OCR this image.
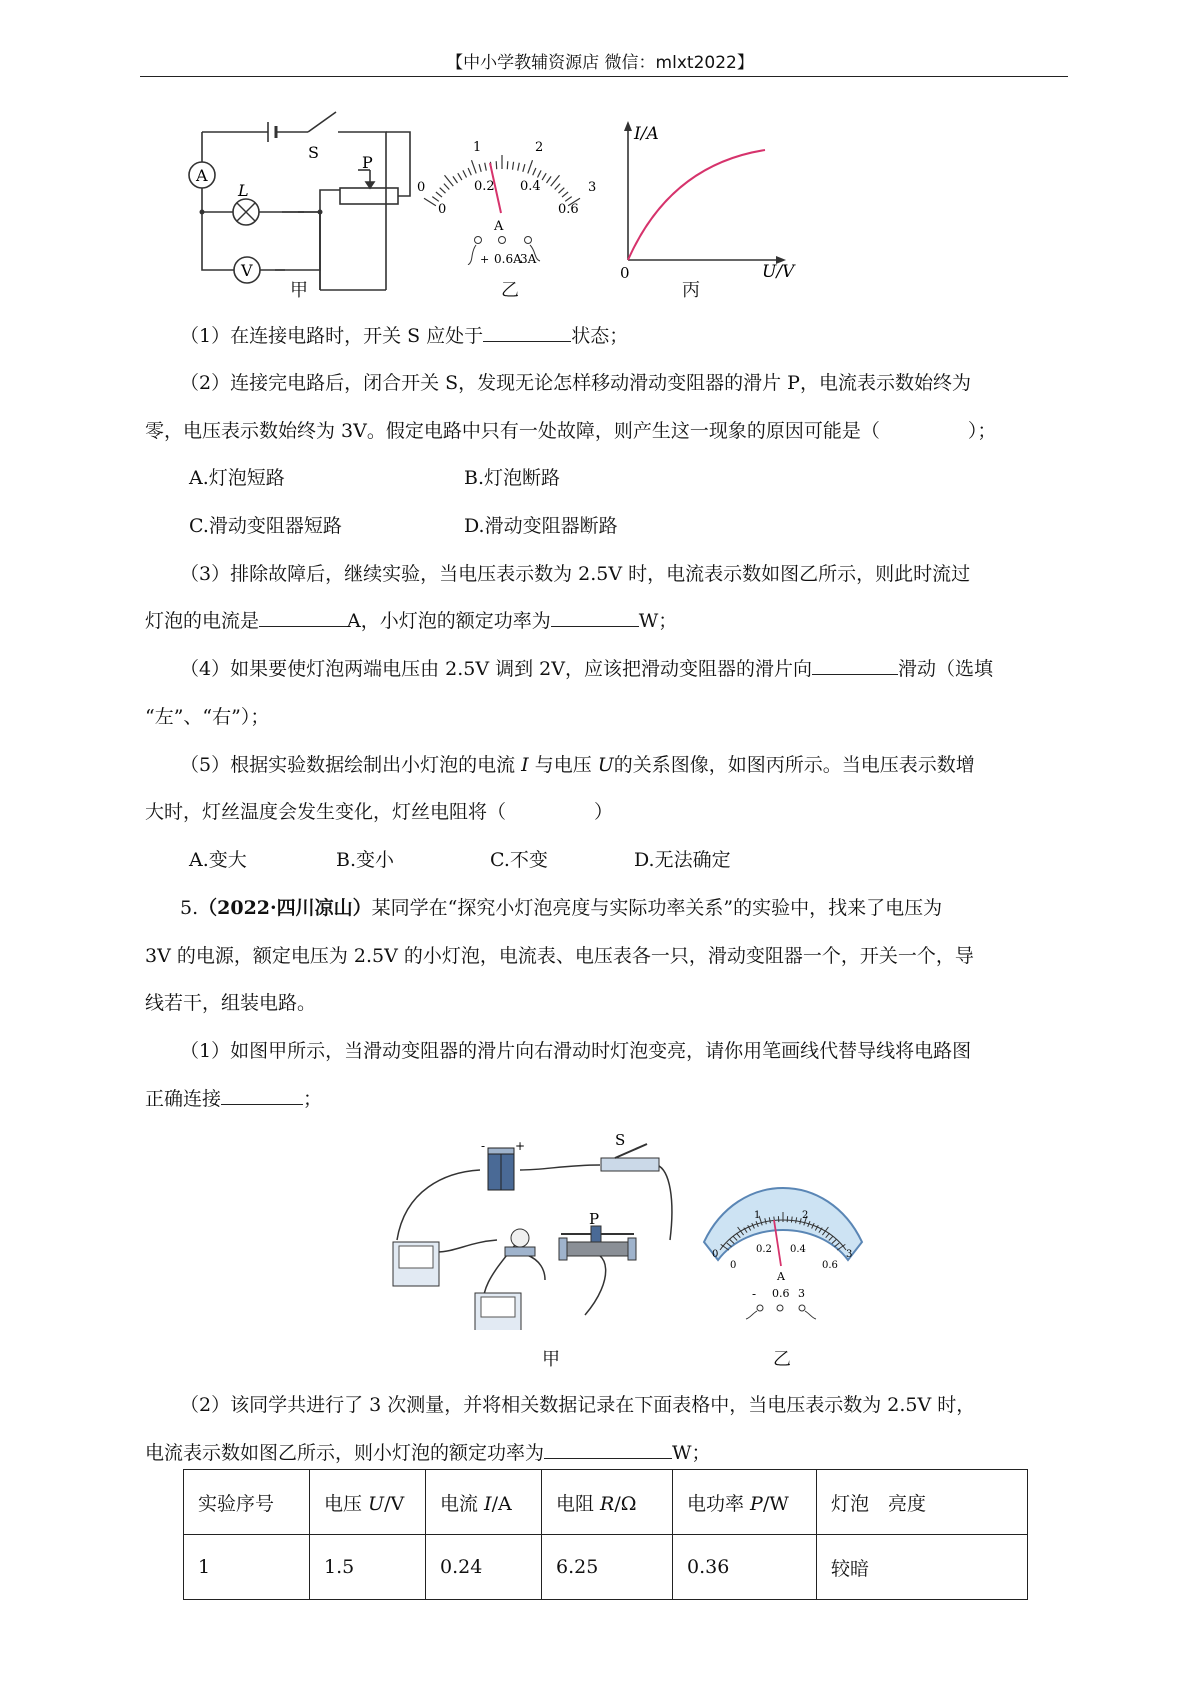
【中小学教辅资源店 微信：mlxt2022】
A
L
V
S
P
甲
0
1	2
3
0
0.2 0.4
0.6
A
+ 0.6A
3A
乙
I/A
U/V
0
丙
（1）在连接电路时，开关 S 应处于	状态；
（2）连接完电路后，闭合开关 S，发现无论怎样移动滑动变阻器的滑片 P，电流表示数始终为
零，电压表示数始终为 3V。假定电路中只有一处故障，则产生这一现象的原因可能是（	）；
A.灯泡短路	B.灯泡断路
C.滑动变阻器短路	D.滑动变阻器断路
（3）排除故障后，继续实验，当电压表示数为 2.5V 时，电流表示数如图乙所示，则此时流过
灯泡的电流是	A，小灯泡的额定功率为	W；
（4）如果要使灯泡两端电压由 2.5V 调到 2V，应该把滑动变阻器的滑片向	滑动（选填
“左”、“右”）；
（5）根据实验数据绘制出小灯泡的电流 I 与电压 U的关系图像，如图丙所示。当电压表示数增
大时，灯丝温度会发生变化，灯丝电阻将（	）
A.变大	B.变小	C.不变	D.无法确定
5.（2022·四川凉山）某同学在“探究小灯泡亮度与实际功率关系”的实验中，找来了电压为
3V 的电源，额定电压为 2.5V 的小灯泡，电流表、电压表各一只，滑动变阻器一个，开关一个，导
线若干，组装电路。
（1）如图甲所示，当滑动变阻器的滑片向右滑动时灯泡变亮，请你用笔画线代替导线将电路图
正确连接	；
- +	S
P
甲
0
1	2
3
0
0.2 0.4
0.6
A
- 0.6 3
乙
（2）该同学共进行了 3 次测量，并将相关数据记录在下面表格中，当电压表示数为 2.5V 时，
电流表示数如图乙所示，则小灯泡的额定功率为	W；
实验序号	电压 U/V	电流 I/A	电阻 R/Ω	电功率 P/W	灯泡　亮度
1	1.5	0.24	6.25	0.36	较暗
